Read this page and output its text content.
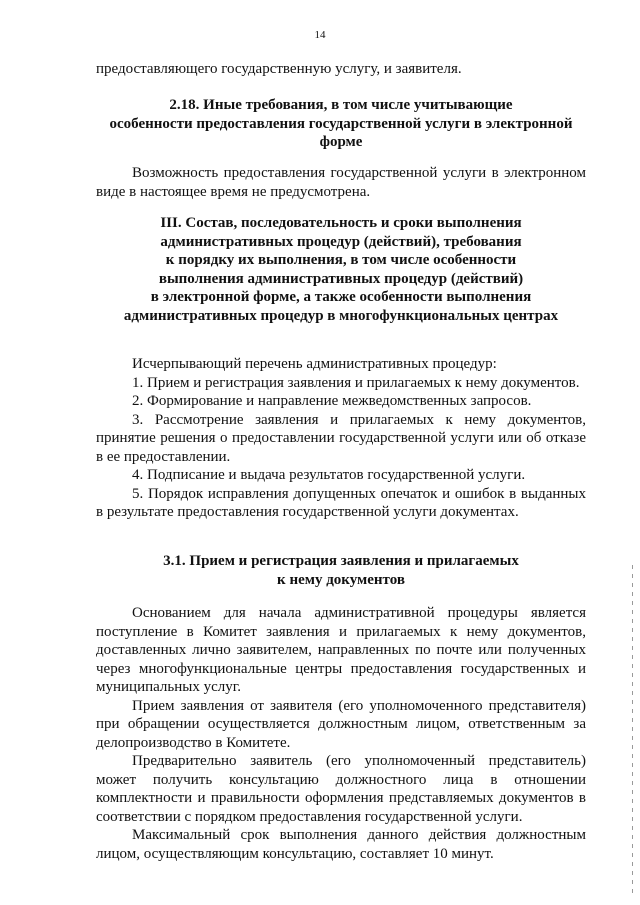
14
предоставляющего государственную услугу, и заявителя.
2.18. Иные требования, в том числе учитывающие
особенности предоставления государственной услуги в электронной
форме

Возможность предоставления государственной услуги в электронном виде в настоящее время не предусмотрена.

III. Состав, последовательность и сроки выполнения
административных процедур (действий), требования
к порядку их выполнения, в том числе особенности
выполнения административных процедур (действий)
в электронной форме, а также особенности выполнения
административных процедур в многофункциональных центрах

Исчерпывающий перечень административных процедур:

1. Прием и регистрация заявления и прилагаемых к нему документов.

2. Формирование и направление межведомственных запросов.

3. Рассмотрение заявления и прилагаемых к нему документов, принятие решения о предоставлении государственной услуги или об отказе в ее предоставлении.

4. Подписание и выдача результатов государственной услуги.

5. Порядок исправления допущенных опечаток и ошибок в выданных в результате предоставления государственной услуги документах.

3.1. Прием и регистрация заявления и прилагаемых
к нему документов

Основанием для начала административной процедуры является поступление в Комитет заявления и прилагаемых к нему документов, доставленных лично заявителем, направленных по почте или полученных через многофункциональные центры предоставления государственных и муниципальных услуг.

Прием заявления от заявителя (его уполномоченного представителя) при обращении осуществляется должностным лицом, ответственным за делопроизводство в Комитете.

Предварительно заявитель (его уполномоченный представитель) может получить консультацию должностного лица в отношении комплектности и правильности оформления представляемых документов в соответствии с порядком предоставления государственной услуги.

Максимальный срок выполнения данного действия должностным лицом, осуществляющим консультацию, составляет 10 минут.
